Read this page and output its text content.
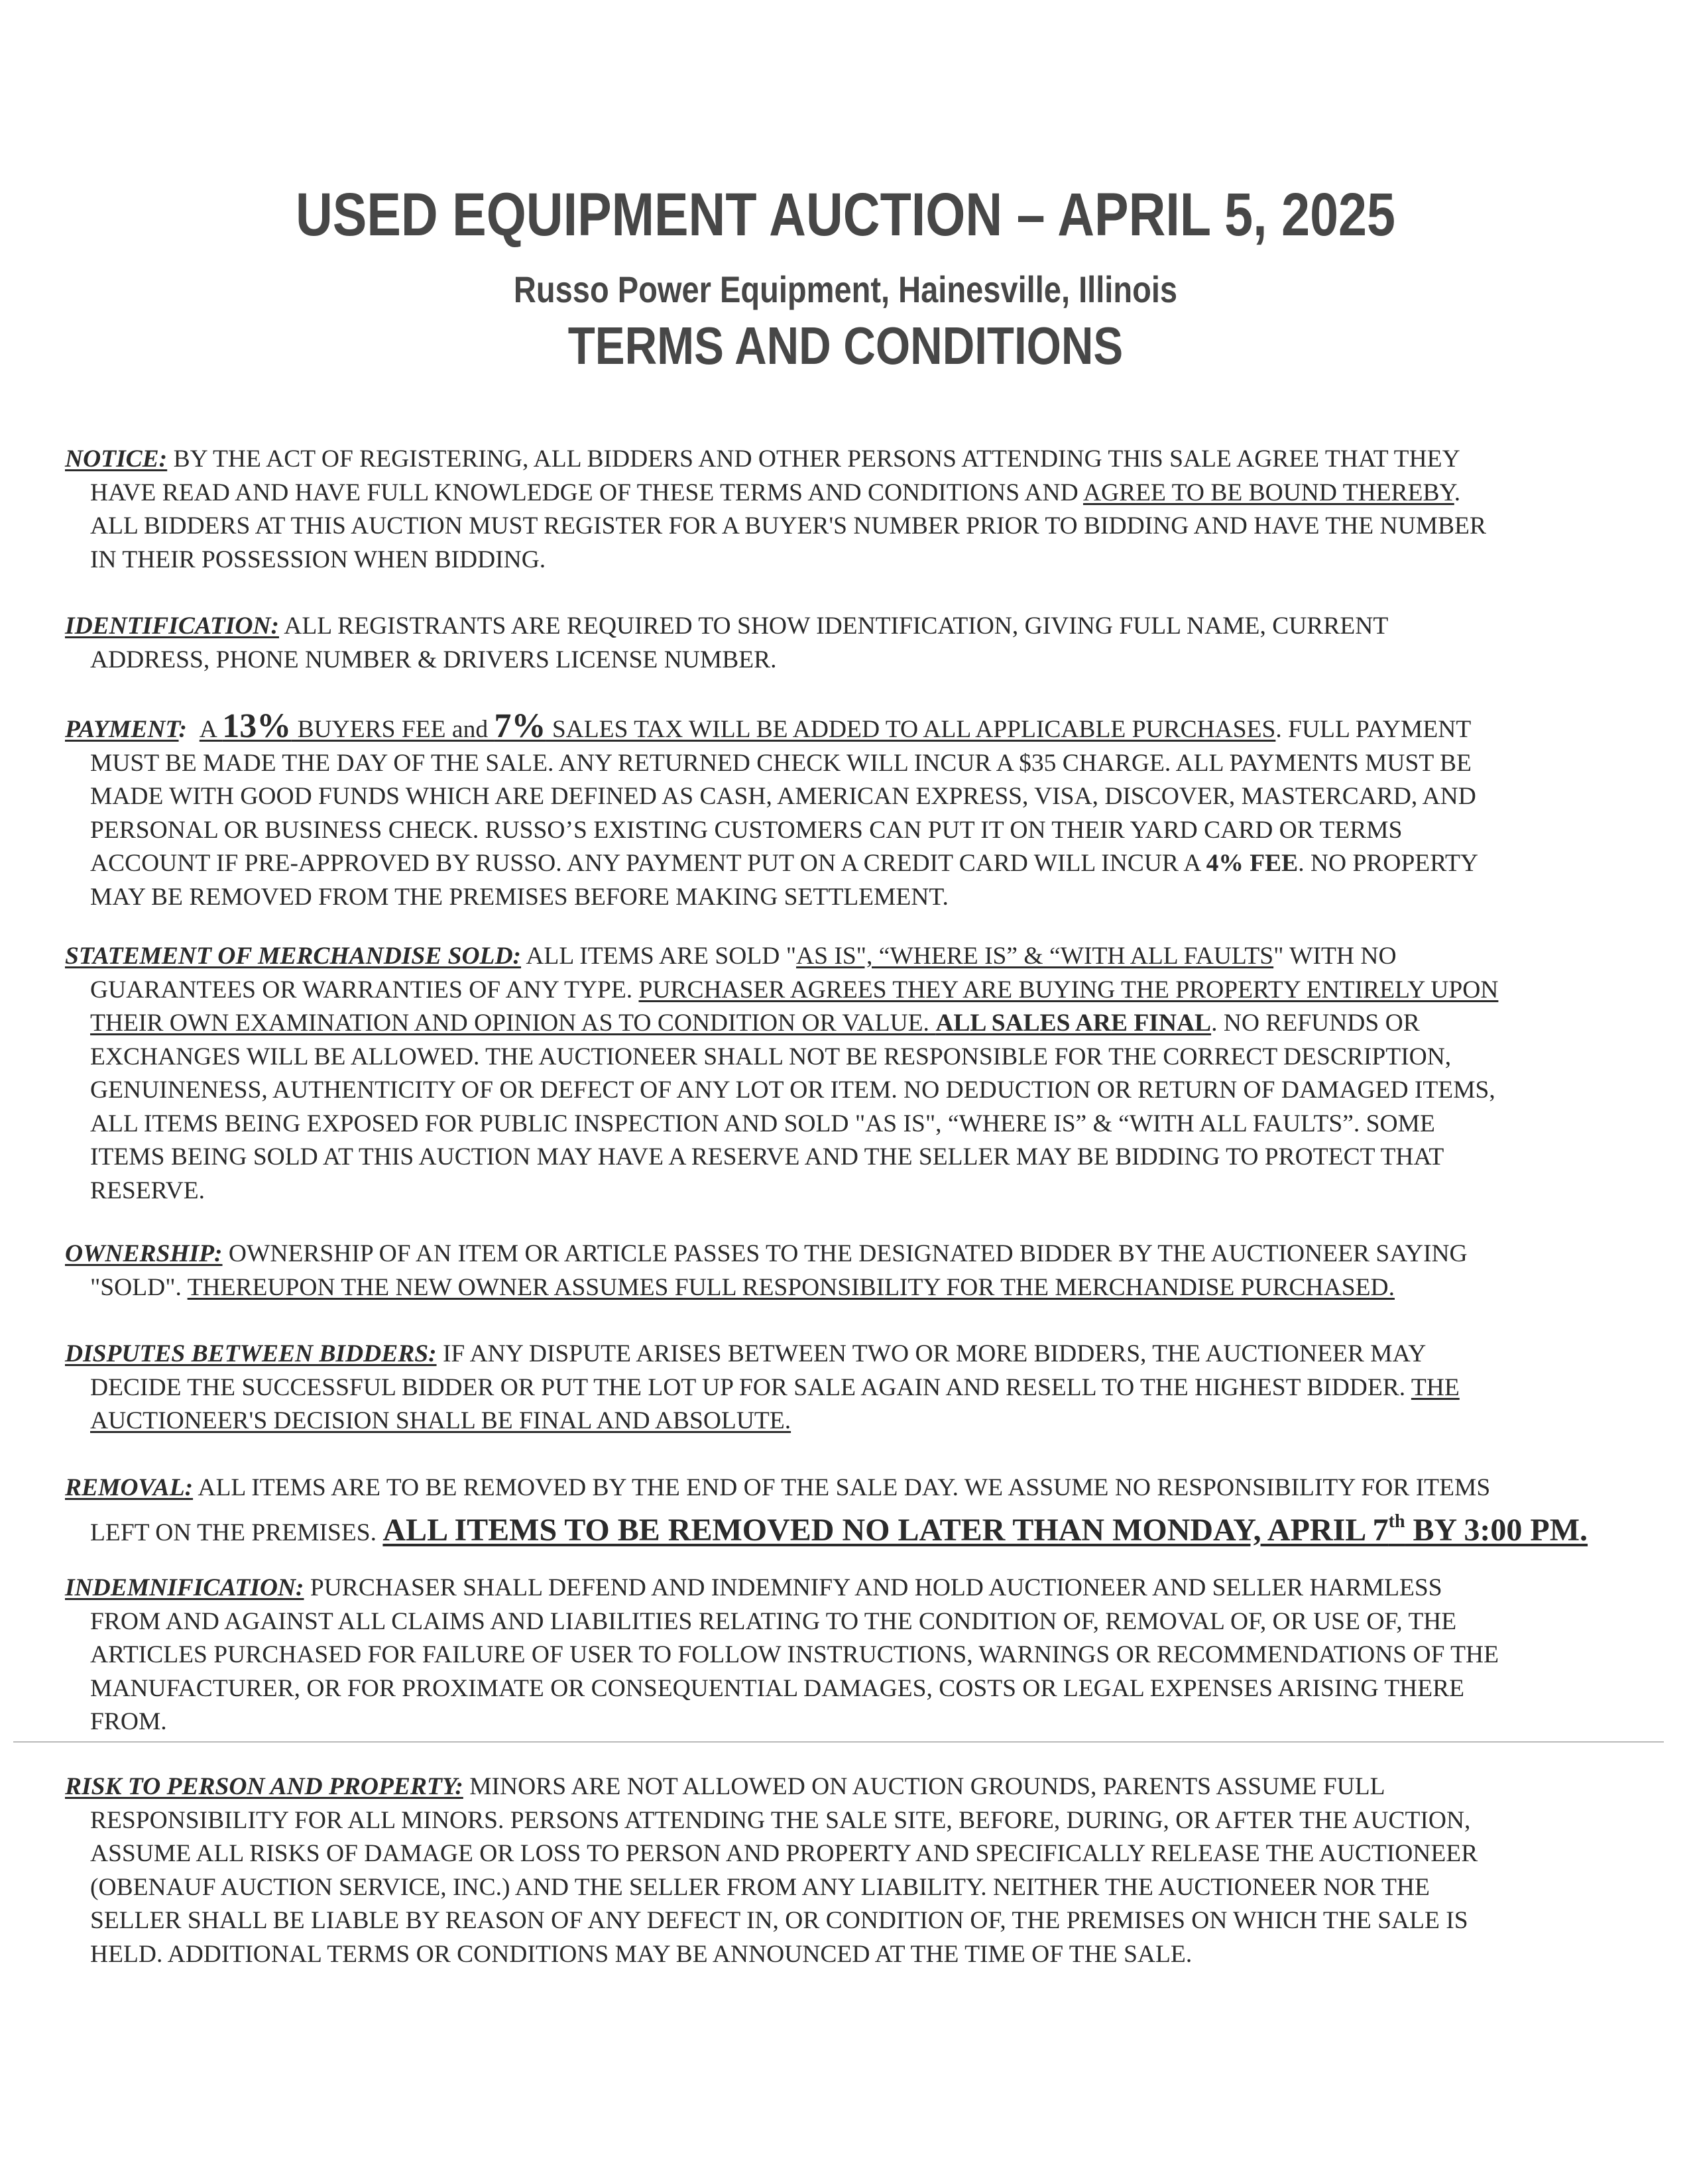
USED EQUIPMENT AUCTION – APRIL 5, 2025
Russo Power Equipment, Hainesville, Illinois
TERMS AND CONDITIONS
NOTICE: BY THE ACT OF REGISTERING, ALL BIDDERS AND OTHER PERSONS ATTENDING THIS SALE AGREE THAT THEY
HAVE READ AND HAVE FULL KNOWLEDGE OF THESE TERMS AND CONDITIONS AND AGREE TO BE BOUND THEREBY.
ALL BIDDERS AT THIS AUCTION MUST REGISTER FOR A BUYER'S NUMBER PRIOR TO BIDDING AND HAVE THE NUMBER
IN THEIR POSSESSION WHEN BIDDING.
IDENTIFICATION: ALL REGISTRANTS ARE REQUIRED TO SHOW IDENTIFICATION, GIVING FULL NAME, CURRENT
ADDRESS, PHONE NUMBER & DRIVERS LICENSE NUMBER.
PAYMENT: A 13% BUYERS FEE and 7% SALES TAX WILL BE ADDED TO ALL APPLICABLE PURCHASES. FULL PAYMENT
MUST BE MADE THE DAY OF THE SALE. ANY RETURNED CHECK WILL INCUR A $35 CHARGE. ALL PAYMENTS MUST BE
MADE WITH GOOD FUNDS WHICH ARE DEFINED AS CASH, AMERICAN EXPRESS, VISA, DISCOVER, MASTERCARD, AND
PERSONAL OR BUSINESS CHECK. RUSSO’S EXISTING CUSTOMERS CAN PUT IT ON THEIR YARD CARD OR TERMS
ACCOUNT IF PRE-APPROVED BY RUSSO. ANY PAYMENT PUT ON A CREDIT CARD WILL INCUR A 4% FEE. NO PROPERTY
MAY BE REMOVED FROM THE PREMISES BEFORE MAKING SETTLEMENT.
STATEMENT OF MERCHANDISE SOLD: ALL ITEMS ARE SOLD "AS IS", “WHERE IS” & “WITH ALL FAULTS" WITH NO
GUARANTEES OR WARRANTIES OF ANY TYPE. PURCHASER AGREES THEY ARE BUYING THE PROPERTY ENTIRELY UPON
THEIR OWN EXAMINATION AND OPINION AS TO CONDITION OR VALUE. ALL SALES ARE FINAL. NO REFUNDS OR
EXCHANGES WILL BE ALLOWED. THE AUCTIONEER SHALL NOT BE RESPONSIBLE FOR THE CORRECT DESCRIPTION,
GENUINENESS, AUTHENTICITY OF OR DEFECT OF ANY LOT OR ITEM. NO DEDUCTION OR RETURN OF DAMAGED ITEMS,
ALL ITEMS BEING EXPOSED FOR PUBLIC INSPECTION AND SOLD "AS IS", “WHERE IS” & “WITH ALL FAULTS”. SOME
ITEMS BEING SOLD AT THIS AUCTION MAY HAVE A RESERVE AND THE SELLER MAY BE BIDDING TO PROTECT THAT
RESERVE.
OWNERSHIP: OWNERSHIP OF AN ITEM OR ARTICLE PASSES TO THE DESIGNATED BIDDER BY THE AUCTIONEER SAYING
"SOLD". THEREUPON THE NEW OWNER ASSUMES FULL RESPONSIBILITY FOR THE MERCHANDISE PURCHASED.
DISPUTES BETWEEN BIDDERS: IF ANY DISPUTE ARISES BETWEEN TWO OR MORE BIDDERS, THE AUCTIONEER MAY
DECIDE THE SUCCESSFUL BIDDER OR PUT THE LOT UP FOR SALE AGAIN AND RESELL TO THE HIGHEST BIDDER. THE
AUCTIONEER'S DECISION SHALL BE FINAL AND ABSOLUTE.
REMOVAL: ALL ITEMS ARE TO BE REMOVED BY THE END OF THE SALE DAY. WE ASSUME NO RESPONSIBILITY FOR ITEMS
LEFT ON THE PREMISES. ALL ITEMS TO BE REMOVED NO LATER THAN MONDAY, APRIL 7th BY 3:00 PM.
INDEMNIFICATION: PURCHASER SHALL DEFEND AND INDEMNIFY AND HOLD AUCTIONEER AND SELLER HARMLESS
FROM AND AGAINST ALL CLAIMS AND LIABILITIES RELATING TO THE CONDITION OF, REMOVAL OF, OR USE OF, THE
ARTICLES PURCHASED FOR FAILURE OF USER TO FOLLOW INSTRUCTIONS, WARNINGS OR RECOMMENDATIONS OF THE
MANUFACTURER, OR FOR PROXIMATE OR CONSEQUENTIAL DAMAGES, COSTS OR LEGAL EXPENSES ARISING THERE
FROM.
RISK TO PERSON AND PROPERTY: MINORS ARE NOT ALLOWED ON AUCTION GROUNDS, PARENTS ASSUME FULL
RESPONSIBILITY FOR ALL MINORS. PERSONS ATTENDING THE SALE SITE, BEFORE, DURING, OR AFTER THE AUCTION,
ASSUME ALL RISKS OF DAMAGE OR LOSS TO PERSON AND PROPERTY AND SPECIFICALLY RELEASE THE AUCTIONEER
(OBENAUF AUCTION SERVICE, INC.) AND THE SELLER FROM ANY LIABILITY. NEITHER THE AUCTIONEER NOR THE
SELLER SHALL BE LIABLE BY REASON OF ANY DEFECT IN, OR CONDITION OF, THE PREMISES ON WHICH THE SALE IS
HELD. ADDITIONAL TERMS OR CONDITIONS MAY BE ANNOUNCED AT THE TIME OF THE SALE.
